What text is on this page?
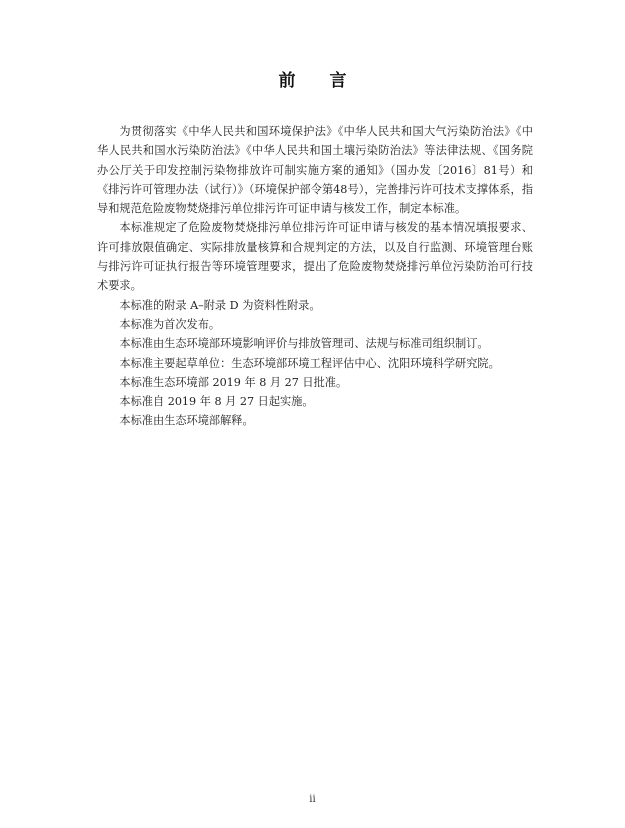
前 言

为贯彻落实《中华人民共和国环境保护法》《中华人民共和国大气污染防治法》《中华人民共和国水污染防治法》《中华人民共和国土壤污染防治法》等法律法规、《国务院办公厅关于印发控制污染物排放许可制实施方案的通知》（国办发〔2016〕81号）和《排污许可管理办法（试行）》（环境保护部令第48号），完善排污许可技术支撑体系，指导和规范危险废物焚烧排污单位排污许可证申请与核发工作，制定本标准。

本标准规定了危险废物焚烧排污单位排污许可证申请与核发的基本情况填报要求、许可排放限值确定、实际排放量核算和合规判定的方法，以及自行监测、环境管理台账与排污许可证执行报告等环境管理要求，提出了危险废物焚烧排污单位污染防治可行技术要求。

本标准的附录 A–附录 D 为资料性附录。

本标准为首次发布。

本标准由生态环境部环境影响评价与排放管理司、法规与标准司组织制订。

本标准主要起草单位：生态环境部环境工程评估中心、沈阳环境科学研究院。

本标准生态环境部 2019 年 8 月 27 日批准。

本标准自 2019 年 8 月 27 日起实施。

本标准由生态环境部解释。

ii
